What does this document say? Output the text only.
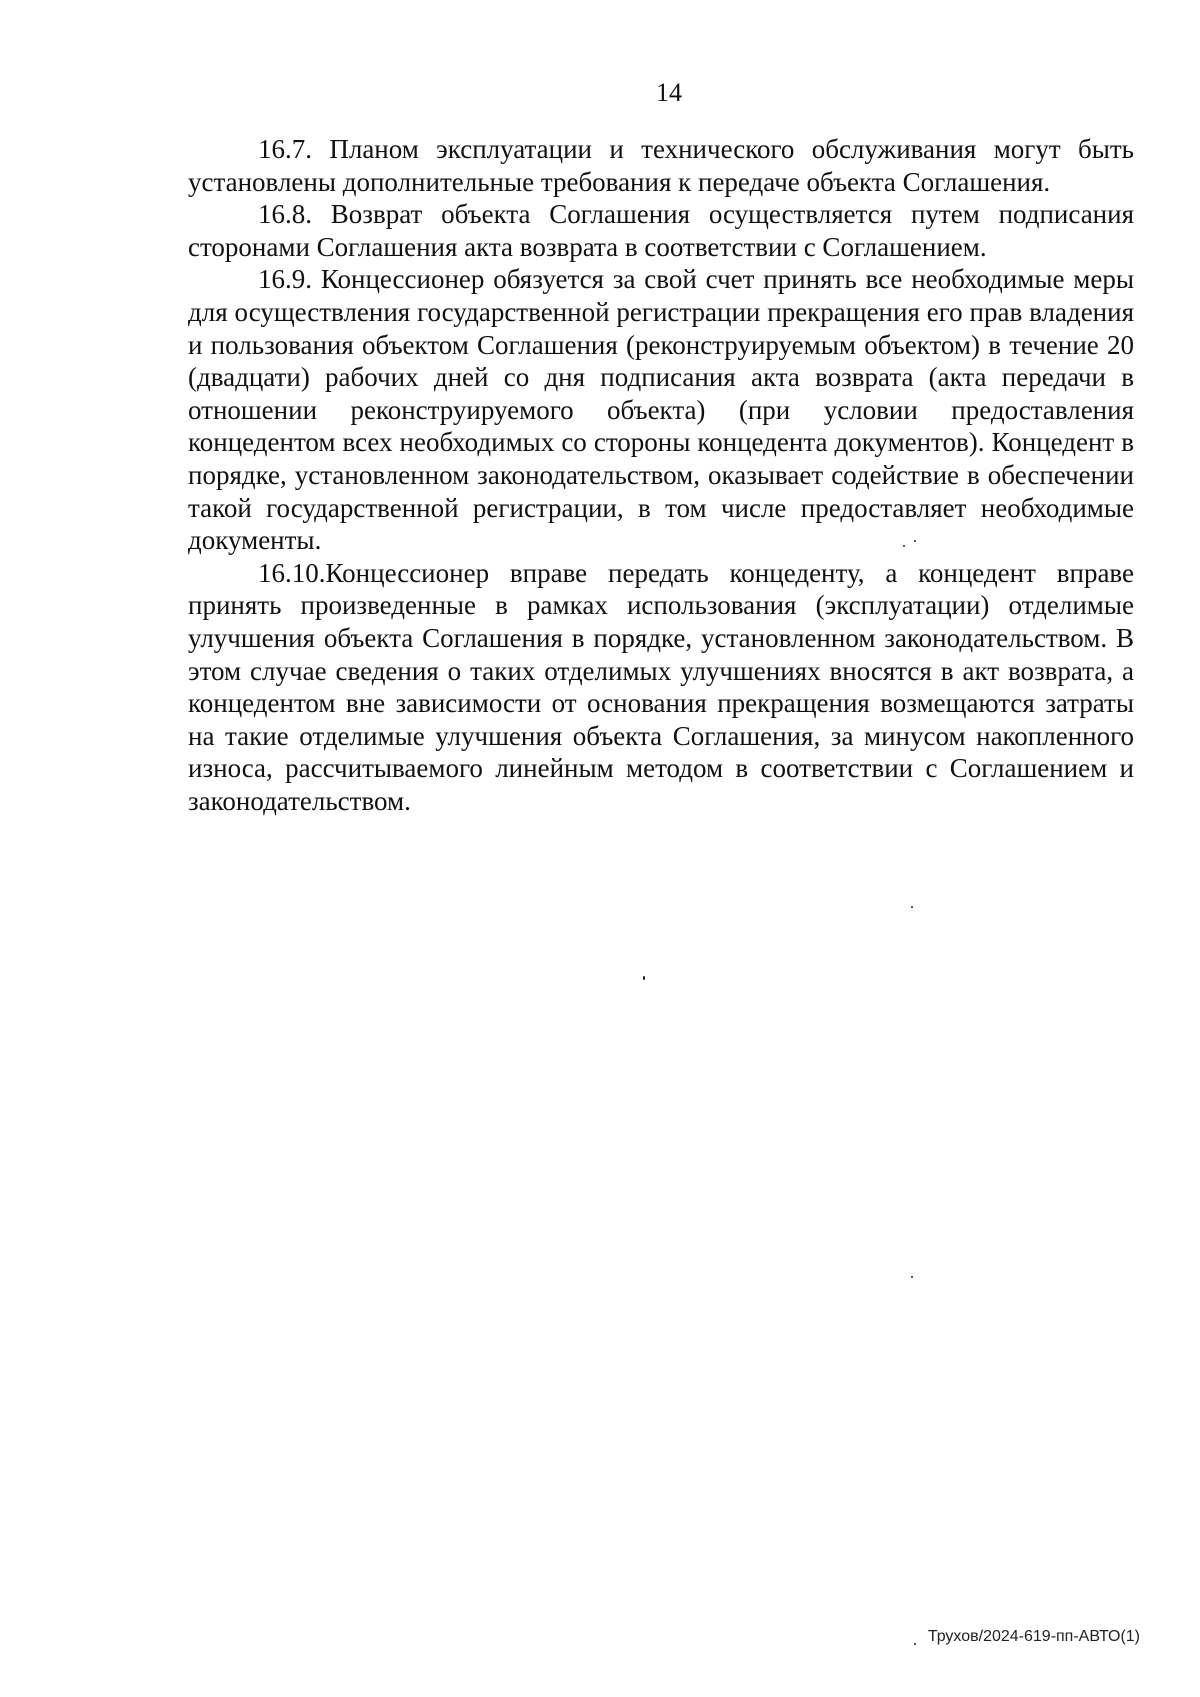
14

16.7. Планом эксплуатации и технического обслуживания могут быть установлены дополнительные требования к передаче объекта Соглашения.

16.8. Возврат объекта Соглашения осуществляется путем подписания сторонами Соглашения акта возврата в соответствии с Соглашением.

16.9. Концессионер обязуется за свой счет принять все необходимые меры для осуществления государственной регистрации прекращения его прав владения и пользования объектом Соглашения (реконструируемым объектом) в течение 20 (двадцати) рабочих дней со дня подписания акта возврата (акта передачи в отношении реконструируемого объекта) (при условии предоставления концедентом всех необходимых со стороны концедента документов). Концедент в порядке, установленном законодательством, оказывает содействие в обеспечении такой государственной регистрации, в том числе предоставляет необходимые документы.

16.10.Концессионер вправе передать концеденту, а концедент вправе принять произведенные в рамках использования (эксплуатации) отделимые улучшения объекта Соглашения в порядке, установленном законодательством. В этом случае сведения о таких отделимых улучшениях вносятся в акт возврата, а концедентом вне зависимости от основания прекращения возмещаются затраты на такие отделимые улучшения объекта Соглашения, за минусом накопленного износа, рассчитываемого линейным методом в соответствии с Соглашением и законодательством.

Трухов/2024-619-пп-АВТО(1)
